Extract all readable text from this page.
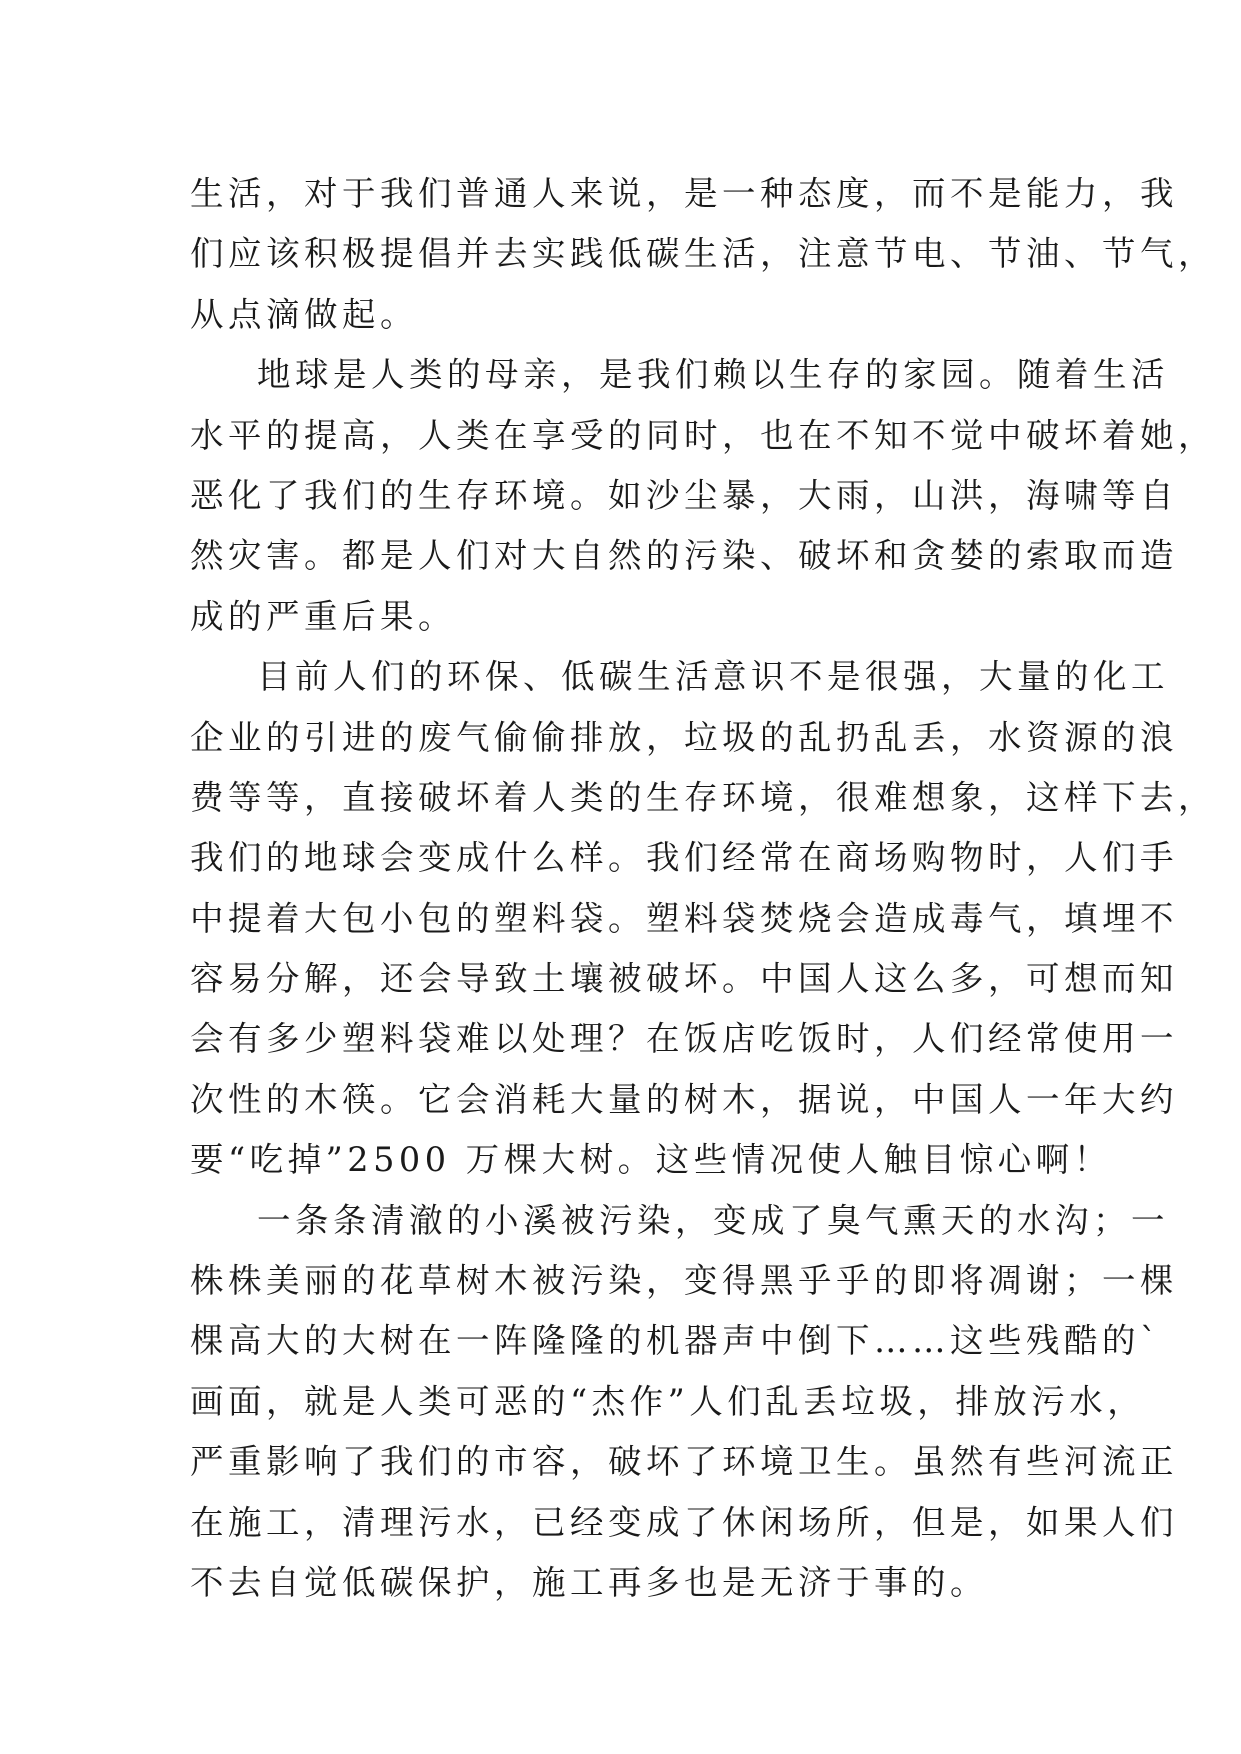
生活，对于我们普通人来说，是一种态度，而不是能力，我
们应该积极提倡并去实践低碳生活，注意节电、节油、节气，
从点滴做起。
地球是人类的母亲，是我们赖以生存的家园。随着生活
水平的提高，人类在享受的同时，也在不知不觉中破坏着她，
恶化了我们的生存环境。如沙尘暴，大雨，山洪，海啸等自
然灾害。都是人们对大自然的污染、破坏和贪婪的索取而造
成的严重后果。
目前人们的环保、低碳生活意识不是很强，大量的化工
企业的引进的废气偷偷排放，垃圾的乱扔乱丢，水资源的浪
费等等，直接破坏着人类的生存环境，很难想象，这样下去，
我们的地球会变成什么样。我们经常在商场购物时，人们手
中提着大包小包的塑料袋。塑料袋焚烧会造成毒气，填埋不
容易分解，还会导致土壤被破坏。中国人这么多，可想而知
会有多少塑料袋难以处理？在饭店吃饭时，人们经常使用一
次性的木筷。它会消耗大量的树木，据说，中国人一年大约
要“吃掉”2500 万棵大树。这些情况使人触目惊心啊！
一条条清澈的小溪被污染，变成了臭气熏天的水沟；一
株株美丽的花草树木被污染，变得黑乎乎的即将凋谢；一棵
棵高大的大树在一阵隆隆的机器声中倒下……这些残酷的`
画面，就是人类可恶的“杰作”人们乱丢垃圾，排放污水，
严重影响了我们的市容，破坏了环境卫生。虽然有些河流正
在施工，清理污水，已经变成了休闲场所，但是，如果人们
不去自觉低碳保护，施工再多也是无济于事的。
